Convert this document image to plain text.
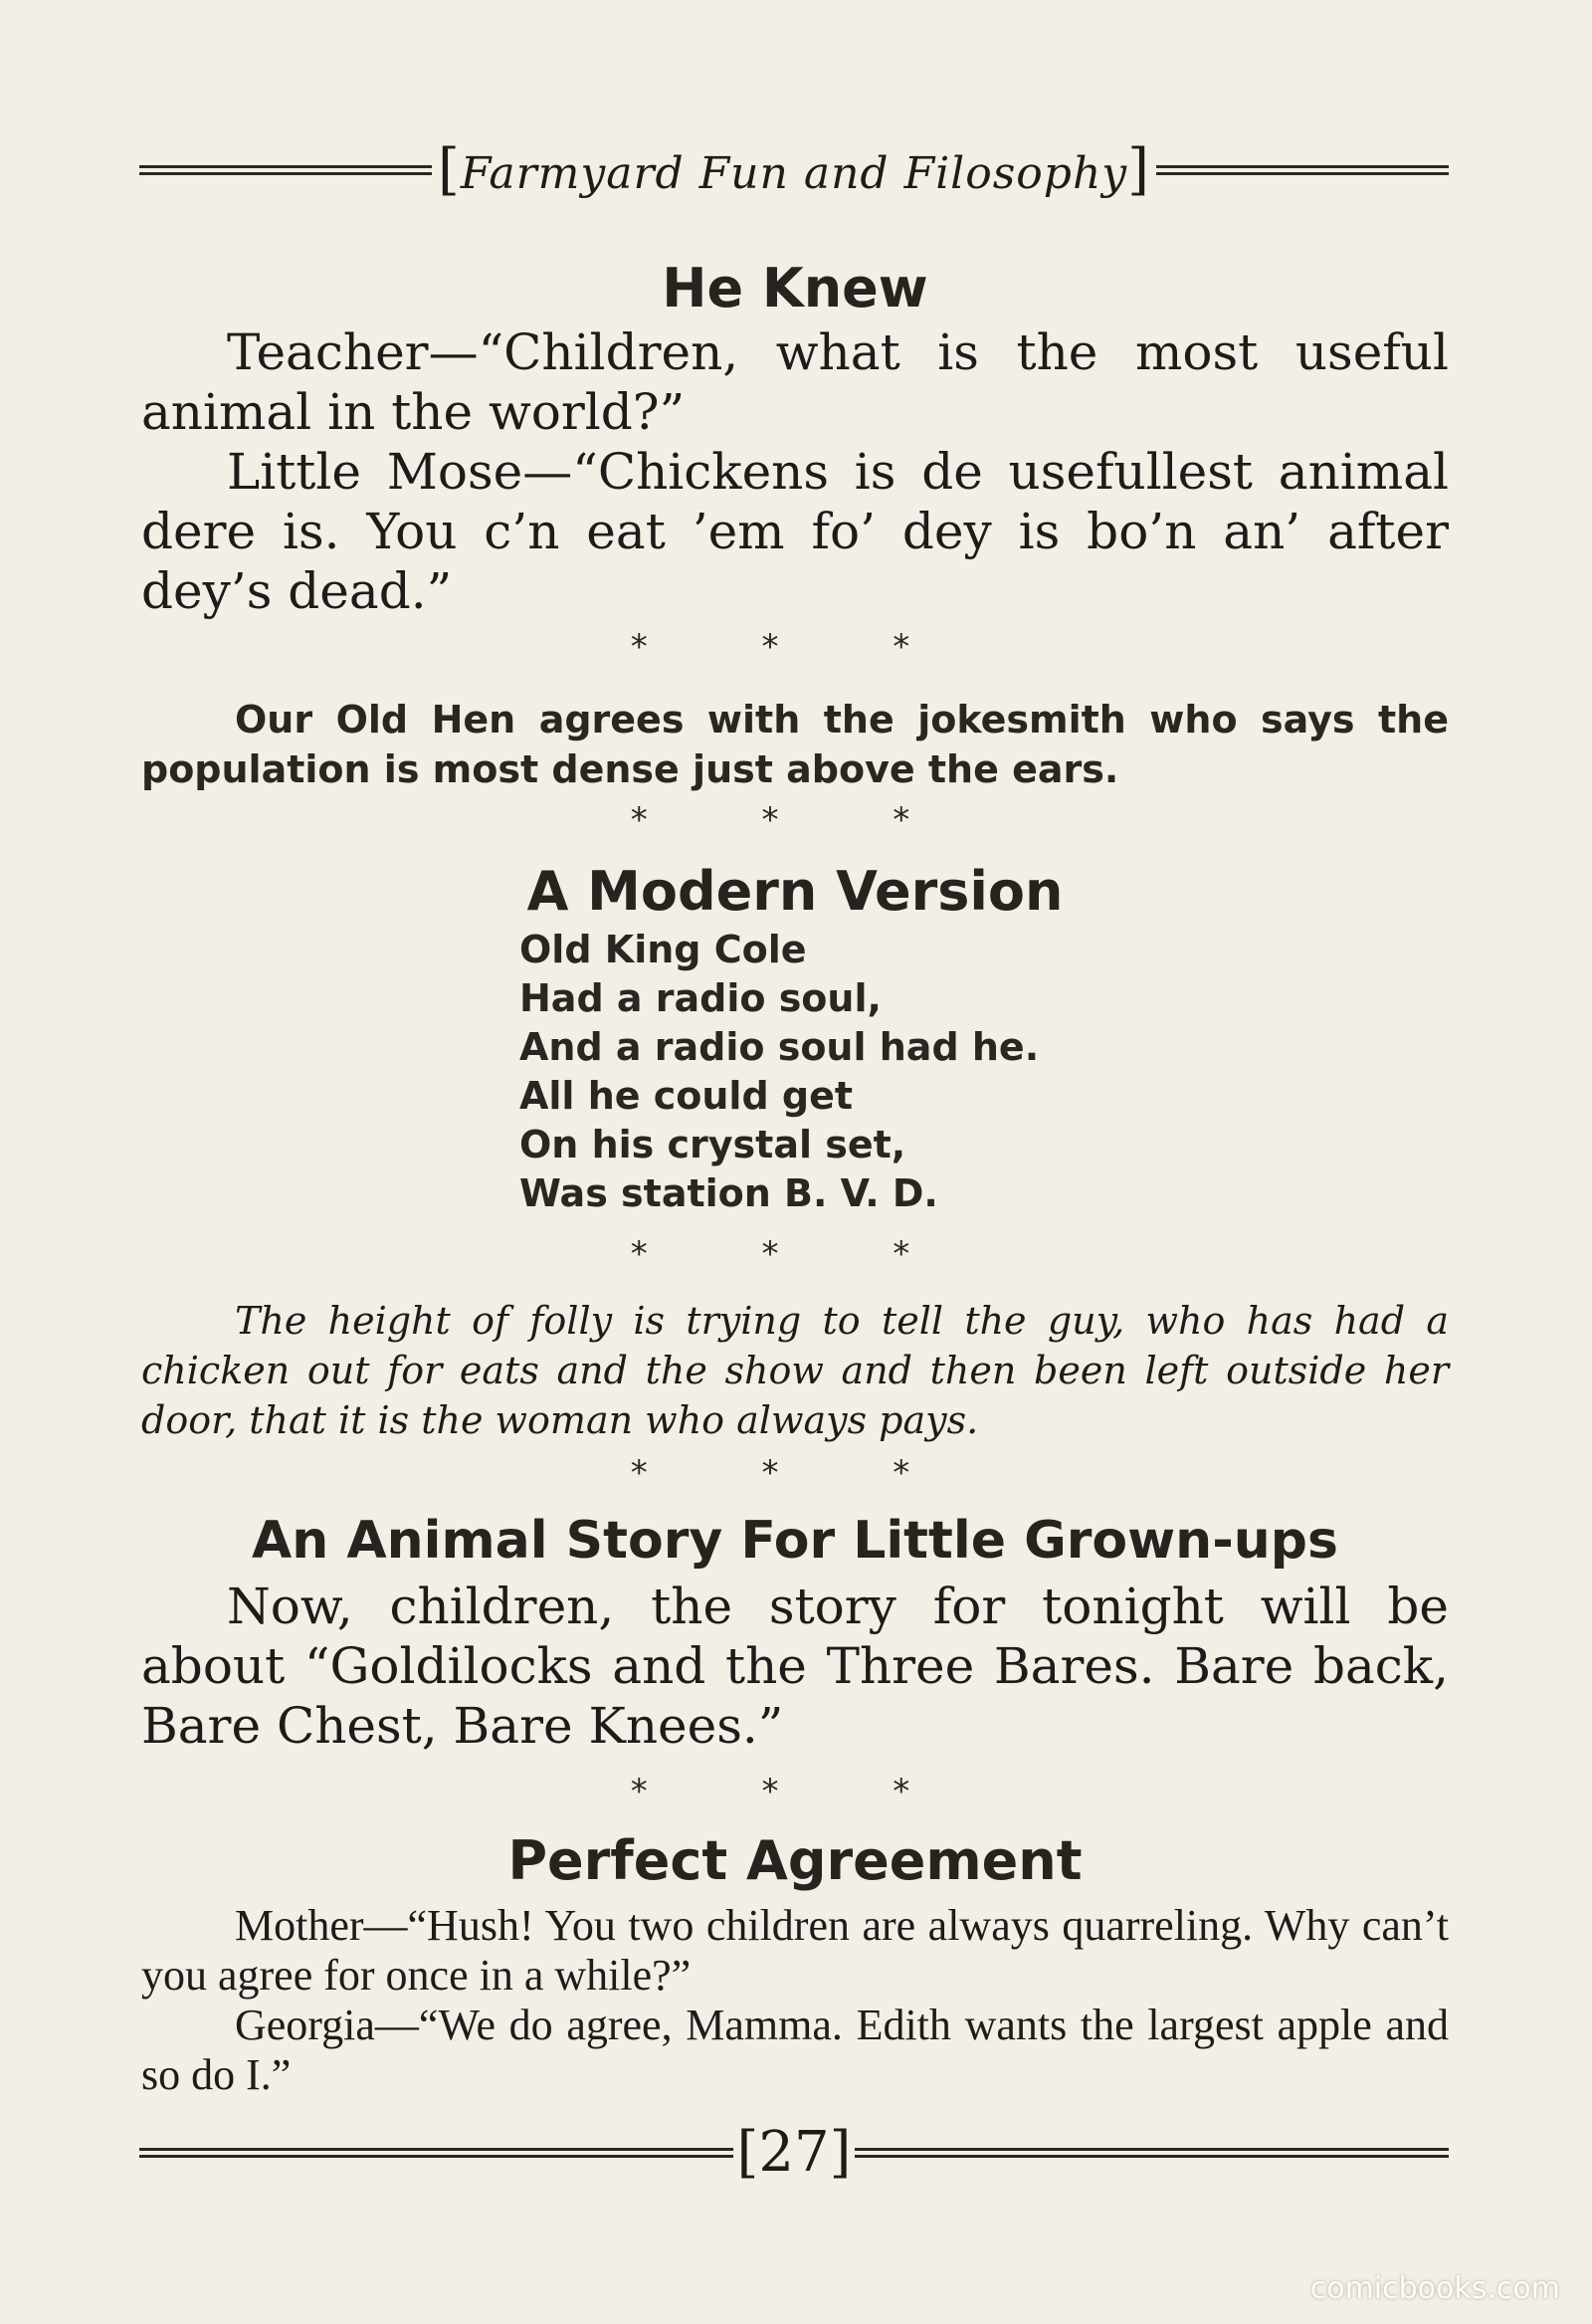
[Farmyard Fun and Filosophy]
He Knew

Teacher—“Children, what is the most useful animal in the world?”

Little Mose—“Chickens is de usefullest animal dere is. You c’n eat ’em fo’ dey is bo’n an’ after dey’s dead.”

* * *

Our Old Hen agrees with the jokesmith who says the population is most dense just above the ears.

* * *
A Modern Version
Old King Cole
Had a radio soul,
And a radio soul had he.
All he could get
On his crystal set,
Was station B. V. D.
* * *

The height of folly is trying to tell the guy, who has had a chicken out for eats and the show and then been left outside her door, that it is the woman who always pays.

* * *
An Animal Story For Little Grown-ups

Now, children, the story for tonight will be about “Goldilocks and the Three Bares. Bare back, Bare Chest, Bare Knees.”

* * *
Perfect Agreement

Mother—“Hush! You two children are always quarreling. Why can’t you agree for once in a while?”

Georgia—“We do agree, Mamma. Edith wants the largest apple and so do I.”

[27]
comicbooks.com
